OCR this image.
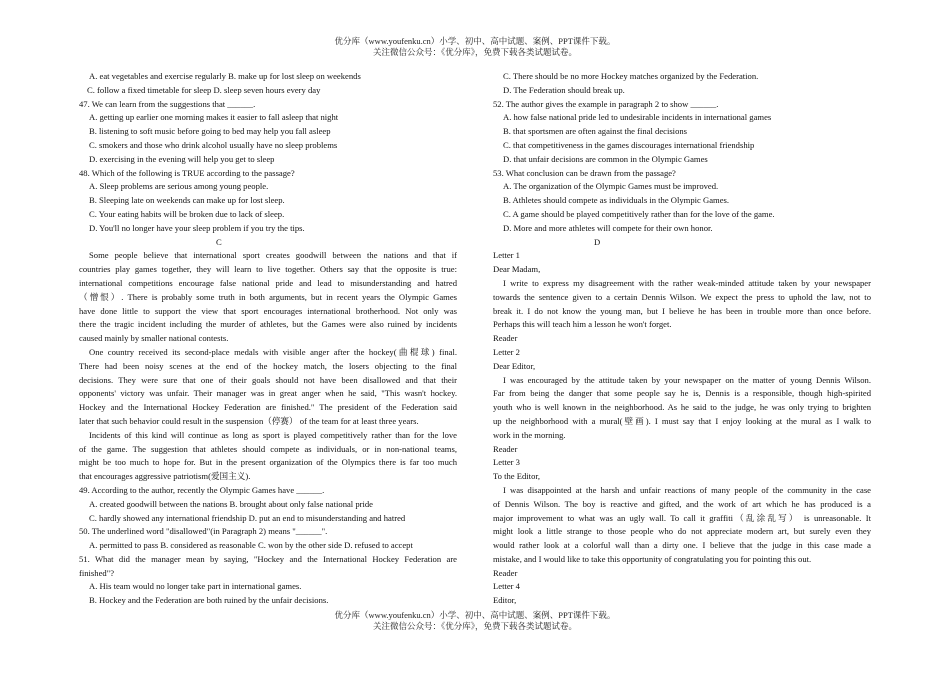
优分库（www.youfenku.cn）小学、初中、高中试题、案例、PPT课件下载。
关注微信公众号：《优分库》，免费下载各类试题试卷。
A. eat vegetables and exercise regularly B. make up for lost sleep on weekends
C. follow a fixed timetable for sleep D. sleep seven hours every day
47. We can learn from the suggestions that ______.
A. getting up earlier one morning makes it easier to fall asleep that night
B. listening to soft music before going to bed may help you fall asleep
C. smokers and those who drink alcohol usually have no sleep problems
D. exercising in the evening will help you get to sleep
48. Which of the following is TRUE according to the passage?
A. Sleep problems are serious among young people.
B. Sleeping late on weekends can make up for lost sleep.
C. Your eating habits will be broken due to lack of sleep.
D. You'll no longer have your sleep problem if you try the tips.
C
Some people believe that international sport creates goodwill between the nations and that if
countries play games together, they will learn to live together. Others say that the opposite is true:
international competitions encourage false national pride and lead to misunderstanding and hatred
（憎恨）. There is probably some truth in both arguments, but in recent years the Olympic Games
have done little to support the view that sport encourages international brotherhood. Not only was
there the tragic incident including the murder of athletes, but the Games were also ruined by incidents
caused mainly by smaller national contests.
One country received its second-place medals with visible anger after the hockey(曲棍球) final.
There had been noisy scenes at the end of the hockey match, the losers objecting to the final
decisions. They were sure that one of their goals should not have been disallowed and that their
opponents' victory was unfair. Their manager was in great anger when he said, "This wasn't hockey.
Hockey and the International Hockey Federation are finished." The president of the Federation said
later that such behavior could result in the suspension（停赛） of the team for at least three years.
Incidents of this kind will continue as long as sport is played competitively rather than for the love
of the game. The suggestion that athletes should compete as individuals, or in non-national teams,
might be too much to hope for. But in the present organization of the Olympics there is far too much
that encourages aggressive patriotism(爱国主义).
49. According to the author, recently the Olympic Games have ______.
A. created goodwill between the nations B. brought about only false national pride
C. hardly showed any international friendship D. put an end to misunderstanding and hatred
50. The underlined word "disallowed"(in Paragraph 2) means "______".
A. permitted to pass B. considered as reasonable C. won by the other side D. refused to accept
51. What did the manager mean by saying, "Hockey and the International Hockey Federation are
finished"?
A. His team would no longer take part in international games.
B. Hockey and the Federation are both ruined by the unfair decisions.
C. There should be no more Hockey matches organized by the Federation.
D. The Federation should break up.
52. The author gives the example in paragraph 2 to show ______.
A. how false national pride led to undesirable incidents in international games
B. that sportsmen are often against the final decisions
C. that competitiveness in the games discourages international friendship
D. that unfair decisions are common in the Olympic Games
53. What conclusion can be drawn from the passage?
A. The organization of the Olympic Games must be improved.
B. Athletes should compete as individuals in the Olympic Games.
C. A game should be played competitively rather than for the love of the game.
D. More and more athletes will compete for their own honor.
D
Letter 1
Dear Madam,
I write to express my disagreement with the rather weak-minded attitude taken by your newspaper
towards the sentence given to a certain Dennis Wilson. We expect the press to uphold the law, not to
break it. I do not know the young man, but I believe he has been in trouble more than once before.
Perhaps this will teach him a lesson he won't forget.
Reader
Letter 2
Dear Editor,
I was encouraged by the attitude taken by your newspaper on the matter of young Dennis Wilson.
Far from being the danger that some people say he is, Dennis is a responsible, though high-spirited
youth who is well known in the neighborhood. As he said to the judge, he was only trying to brighten
up the neighborhood with a mural(壁画). I must say that I enjoy looking at the mural as I walk to
work in the morning.
Reader
Letter 3
To the Editor,
I was disappointed at the harsh and unfair reactions of many people of the community in the case
of Dennis Wilson. The boy is reactive and gifted, and the work of art which he has produced is a
major improvement to what was an ugly wall. To call it graffiti（乱涂乱写） is unreasonable. It
might look a little strange to those people who do not appreciate modern art, but surely even they
would rather look at a colorful wall than a dirty one. I believe that the judge in this case made a
mistake, and I would like to take this opportunity of congratulating you for pointing this out.
Reader
Letter 4
Editor,
优分库（www.youfenku.cn）小学、初中、高中试题、案例、PPT课件下载。
关注微信公众号：《优分库》，免费下载各类试题试卷。
